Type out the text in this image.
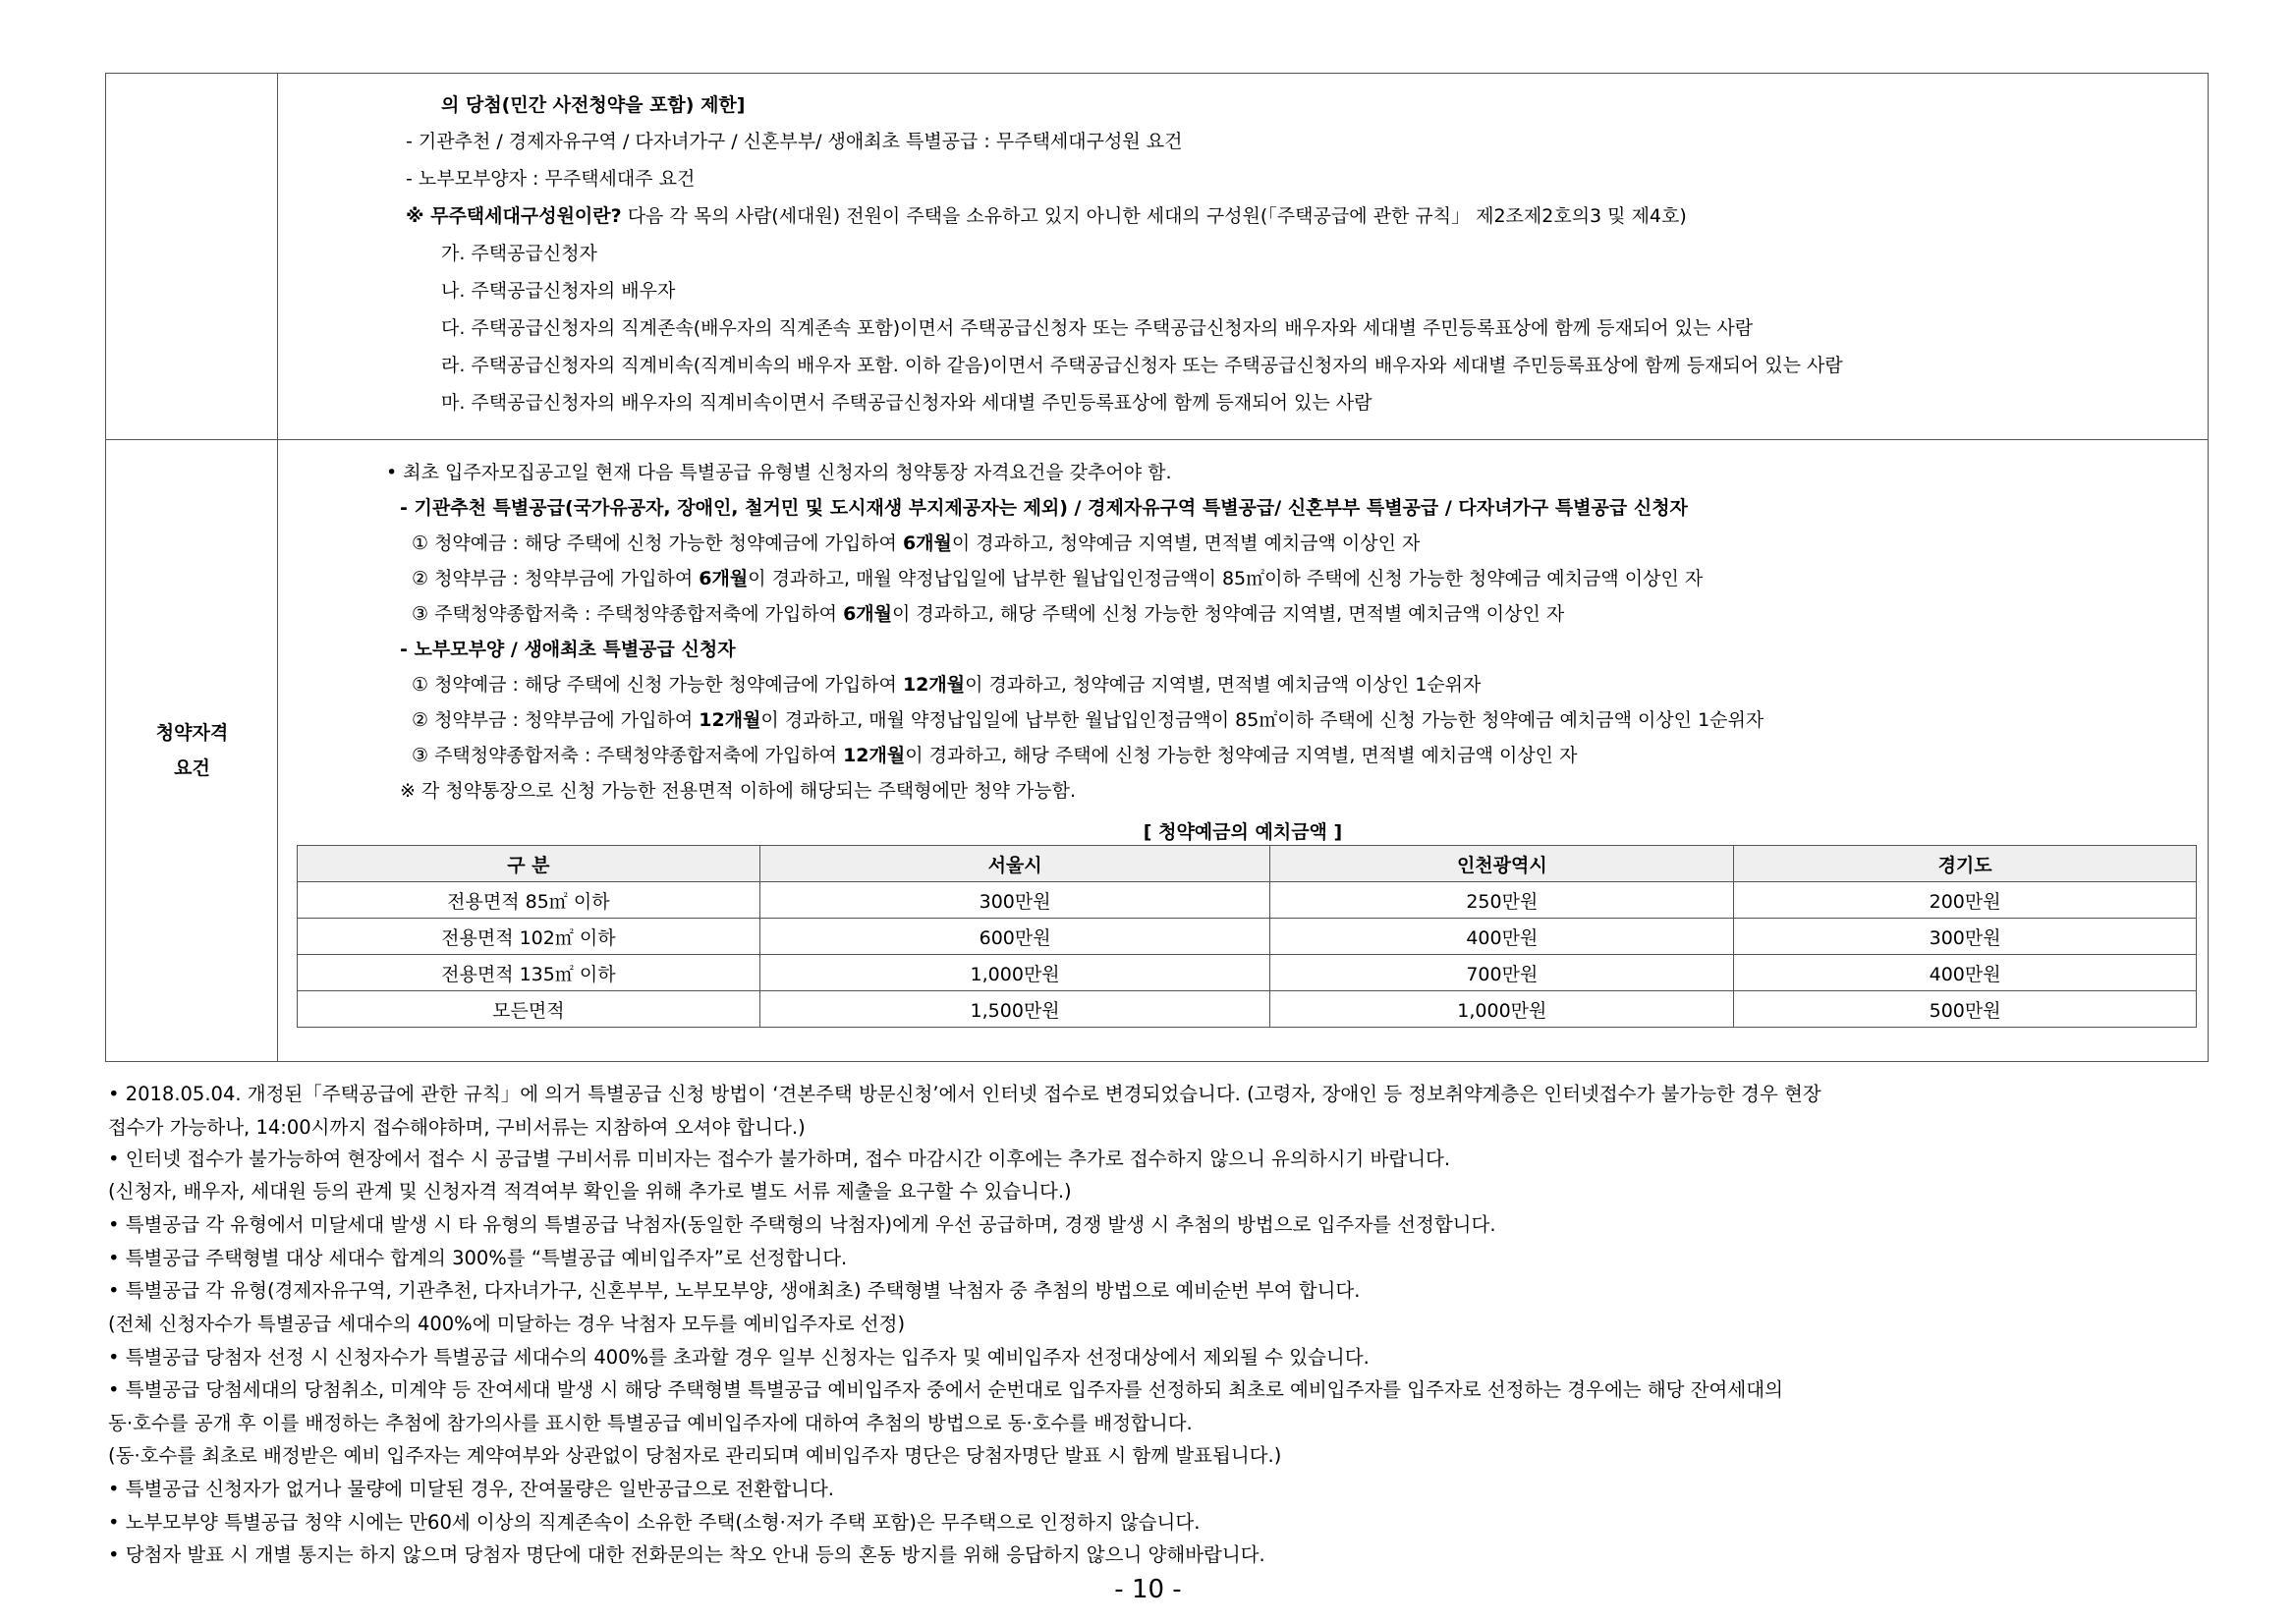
의 당첨(민간 사전청약을 포함) 제한]
- 기관추천 / 경제자유구역 / 다자녀가구 / 신혼부부/ 생애최초 특별공급 : 무주택세대구성원 요건
- 노부모부양자 : 무주택세대주 요건
※ 무주택세대구성원이란? 다음 각 목의 사람(세대원) 전원이 주택을 소유하고 있지 아니한 세대의 구성원(「주택공급에 관한 규칙」 제2조제2호의3 및 제4호)
가. 주택공급신청자
나. 주택공급신청자의 배우자
다. 주택공급신청자의 직계존속(배우자의 직계존속 포함)이면서 주택공급신청자 또는 주택공급신청자의 배우자와 세대별 주민등록표상에 함께 등재되어 있는 사람
라. 주택공급신청자의 직계비속(직계비속의 배우자 포함. 이하 같음)이면서 주택공급신청자 또는 주택공급신청자의 배우자와 세대별 주민등록표상에 함께 등재되어 있는 사람
마. 주택공급신청자의 배우자의 직계비속이면서 주택공급신청자와 세대별 주민등록표상에 함께 등재되어 있는 사람
청약자격
요건
• 최초 입주자모집공고일 현재 다음 특별공급 유형별 신청자의 청약통장 자격요건을 갖추어야 함.
- 기관추천 특별공급(국가유공자, 장애인, 철거민 및 도시재생 부지제공자는 제외) / 경제자유구역 특별공급/ 신혼부부 특별공급 / 다자녀가구 특별공급 신청자
① 청약예금 : 해당 주택에 신청 가능한 청약예금에 가입하여 6개월이 경과하고, 청약예금 지역별, 면적별 예치금액 이상인 자
② 청약부금 : 청약부금에 가입하여 6개월이 경과하고, 매월 약정납입일에 납부한 월납입인정금액이 85㎡이하 주택에 신청 가능한 청약예금 예치금액 이상인 자
③ 주택청약종합저축 : 주택청약종합저축에 가입하여 6개월이 경과하고, 해당 주택에 신청 가능한 청약예금 지역별, 면적별 예치금액 이상인 자
- 노부모부양 / 생애최초 특별공급 신청자
① 청약예금 : 해당 주택에 신청 가능한 청약예금에 가입하여 12개월이 경과하고, 청약예금 지역별, 면적별 예치금액 이상인 1순위자
② 청약부금 : 청약부금에 가입하여 12개월이 경과하고, 매월 약정납입일에 납부한 월납입인정금액이 85㎡이하 주택에 신청 가능한 청약예금 예치금액 이상인 1순위자
③ 주택청약종합저축 : 주택청약종합저축에 가입하여 12개월이 경과하고, 해당 주택에 신청 가능한 청약예금 지역별, 면적별 예치금액 이상인 자
※ 각 청약통장으로 신청 가능한 전용면적 이하에 해당되는 주택형에만 청약 가능함.
[ 청약예금의 예치금액 ]
구 분	서울시	인천광역시	경기도
전용면적 85㎡ 이하	300만원	250만원	200만원
전용면적 102㎡ 이하	600만원	400만원	300만원
전용면적 135㎡ 이하	1,000만원	700만원	400만원
모든면적	1,500만원	1,000만원	500만원
• 2018.05.04. 개정된「주택공급에 관한 규칙」에 의거 특별공급 신청 방법이 ‘견본주택 방문신청’에서 인터넷 접수로 변경되었습니다. (고령자, 장애인 등 정보취약계층은 인터넷접수가 불가능한 경우 현장
접수가 가능하나, 14:00시까지 접수해야하며, 구비서류는 지참하여 오셔야 합니다.)
• 인터넷 접수가 불가능하여 현장에서 접수 시 공급별 구비서류 미비자는 접수가 불가하며, 접수 마감시간 이후에는 추가로 접수하지 않으니 유의하시기 바랍니다.
(신청자, 배우자, 세대원 등의 관계 및 신청자격 적격여부 확인을 위해 추가로 별도 서류 제출을 요구할 수 있습니다.)
• 특별공급 각 유형에서 미달세대 발생 시 타 유형의 특별공급 낙첨자(동일한 주택형의 낙첨자)에게 우선 공급하며, 경쟁 발생 시 추첨의 방법으로 입주자를 선정합니다.
• 특별공급 주택형별 대상 세대수 합계의 300%를 “특별공급 예비입주자”로 선정합니다.
• 특별공급 각 유형(경제자유구역, 기관추천, 다자녀가구, 신혼부부, 노부모부양, 생애최초) 주택형별 낙첨자 중 추첨의 방법으로 예비순번 부여 합니다.
(전체 신청자수가 특별공급 세대수의 400%에 미달하는 경우 낙첨자 모두를 예비입주자로 선정)
• 특별공급 당첨자 선정 시 신청자수가 특별공급 세대수의 400%를 초과할 경우 일부 신청자는 입주자 및 예비입주자 선정대상에서 제외될 수 있습니다.
• 특별공급 당첨세대의 당첨취소, 미계약 등 잔여세대 발생 시 해당 주택형별 특별공급 예비입주자 중에서 순번대로 입주자를 선정하되 최초로 예비입주자를 입주자로 선정하는 경우에는 해당 잔여세대의
동·호수를 공개 후 이를 배정하는 추첨에 참가의사를 표시한 특별공급 예비입주자에 대하여 추첨의 방법으로 동·호수를 배정합니다.
(동·호수를 최초로 배정받은 예비 입주자는 계약여부와 상관없이 당첨자로 관리되며 예비입주자 명단은 당첨자명단 발표 시 함께 발표됩니다.)
• 특별공급 신청자가 없거나 물량에 미달된 경우, 잔여물량은 일반공급으로 전환합니다.
• 노부모부양 특별공급 청약 시에는 만60세 이상의 직계존속이 소유한 주택(소형·저가 주택 포함)은 무주택으로 인정하지 않습니다.
• 당첨자 발표 시 개별 통지는 하지 않으며 당첨자 명단에 대한 전화문의는 착오 안내 등의 혼동 방지를 위해 응답하지 않으니 양해바랍니다.
- 10 -
